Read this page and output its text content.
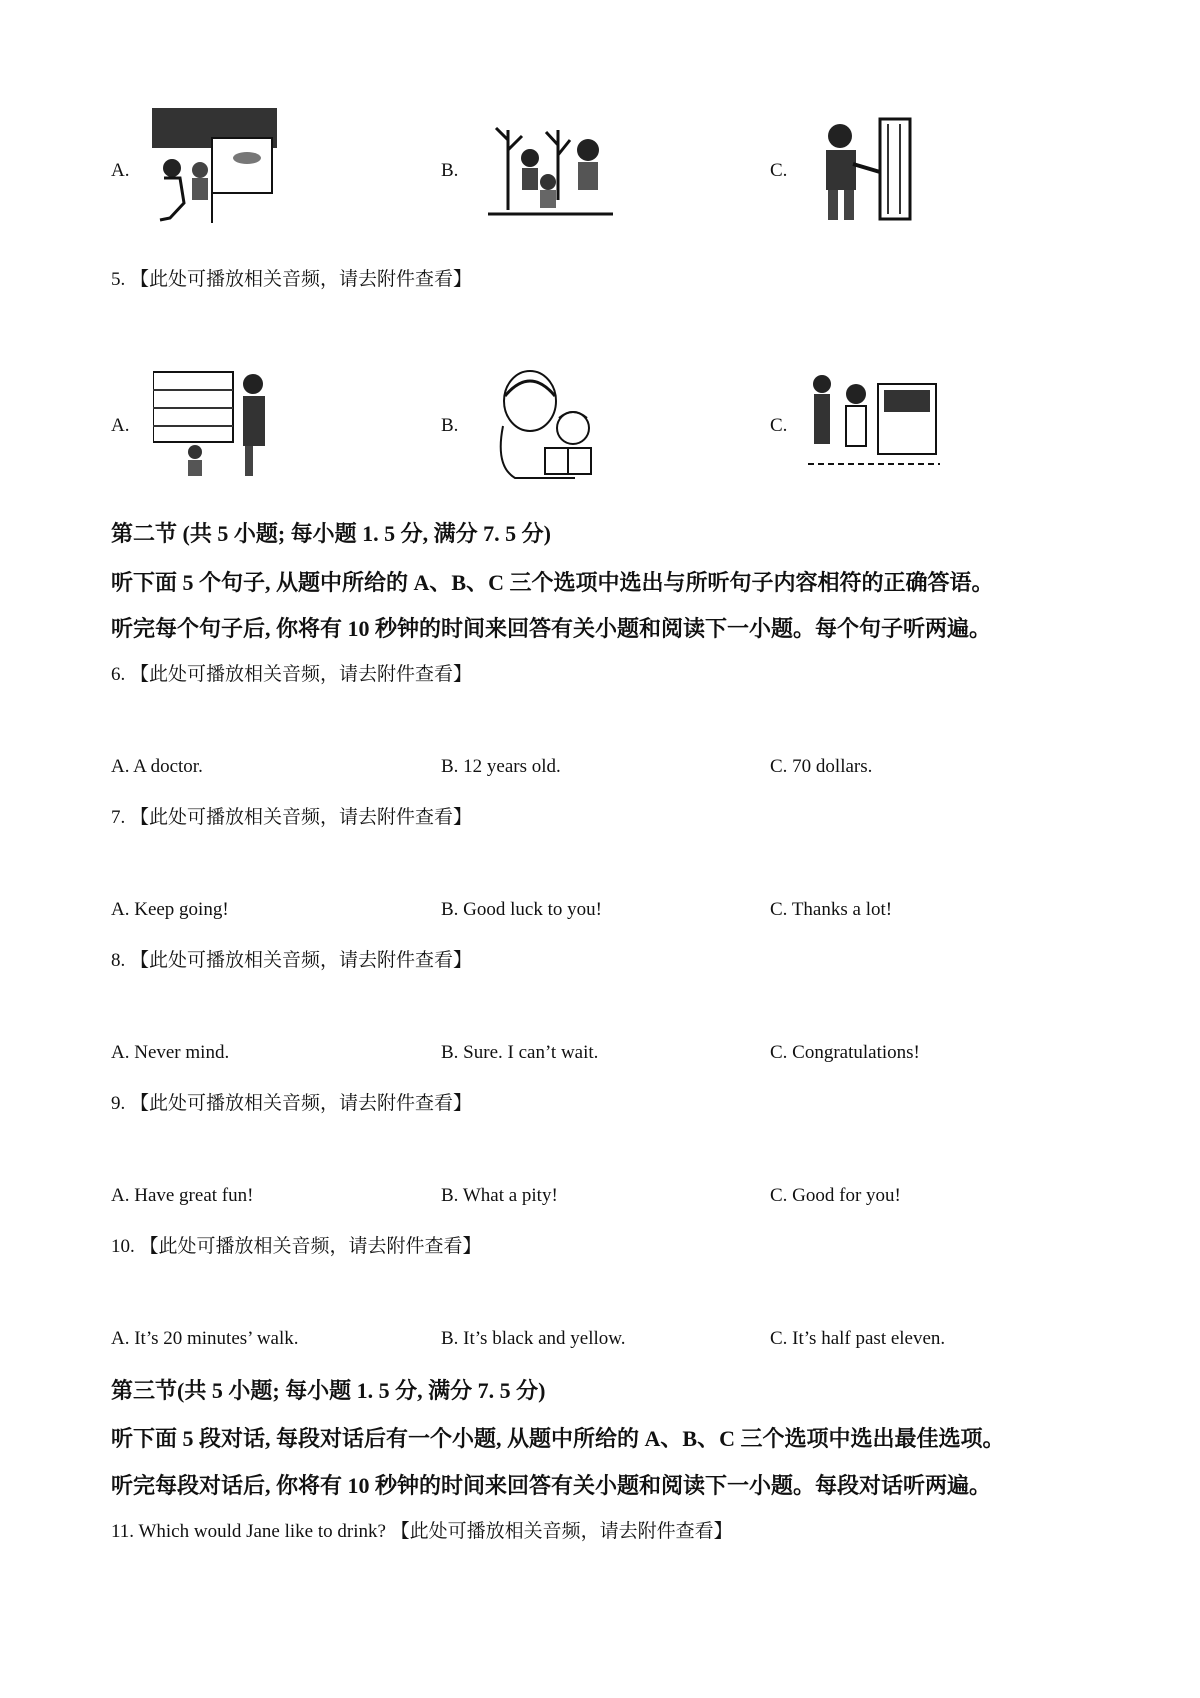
A.	B.	C.
5. 【此处可播放相关音频，请去附件查看】
A.	B.	C.
第二节 (共 5 小题; 每小题 1. 5 分, 满分 7. 5 分)
听下面 5 个句子, 从题中所给的 A、B、C 三个选项中选出与所听句子内容相符的正确答语。
听完每个句子后, 你将有 10 秒钟的时间来回答有关小题和阅读下一小题。每个句子听两遍。
6. 【此处可播放相关音频，请去附件查看】
A. A doctor.	B. 12 years old.	C. 70 dollars.
7. 【此处可播放相关音频，请去附件查看】
A. Keep going!	B. Good luck to you!	C. Thanks a lot!
8. 【此处可播放相关音频，请去附件查看】
A. Never mind.	B. Sure. I can’t wait.	C. Congratulations!
9. 【此处可播放相关音频，请去附件查看】
A. Have great fun!	B. What a pity!	C. Good for you!
10. 【此处可播放相关音频，请去附件查看】
A. It’s 20 minutes’ walk.	B. It’s black and yellow.	C. It’s half past eleven.
第三节(共 5 小题; 每小题 1. 5 分, 满分 7. 5 分)
听下面 5 段对话, 每段对话后有一个小题, 从题中所给的 A、B、C 三个选项中选出最佳选项。
听完每段对话后, 你将有 10 秒钟的时间来回答有关小题和阅读下一小题。每段对话听两遍。
11. Which would Jane like to drink? 【此处可播放相关音频，请去附件查看】
